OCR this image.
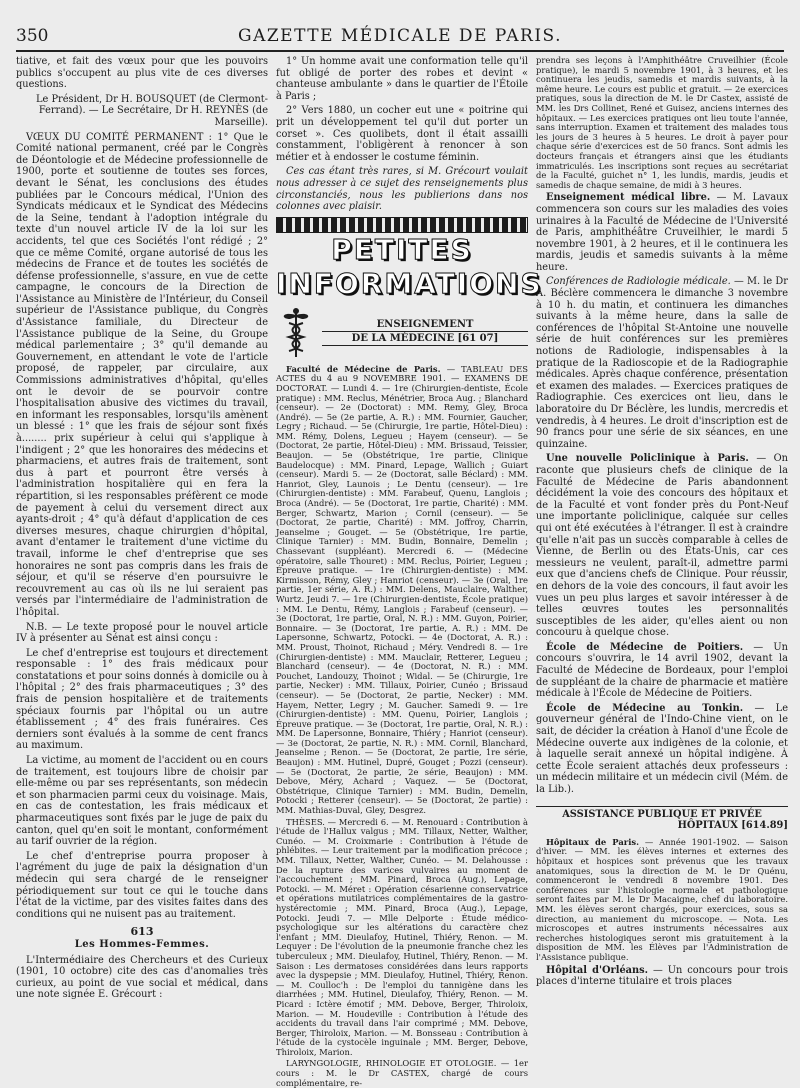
350	GAZETTE MÉDICALE DE PARIS.

tiative, et fait des vœux pour que les pouvoirs publics s'occupent au plus vite de ces diverses questions.

Le Président, Dr H. BOUSQUET (de Clermont-Ferrand). — Le Secrétaire, Dr H. REYNÈS (de Marseille).

VŒUX DU COMITÉ PERMANENT : 1° Que le Comité national permanent, créé par le Congrès de Déontologie et de Médecine professionnelle de 1900, porte et soutienne de toutes ses forces, devant le Sénat, les conclusions des études publiées par le Concours médical, l'Union des Syndicats médicaux et le Syndicat des Médecins de la Seine, tendant à l'adoption intégrale du texte d'un nouvel article IV de la loi sur les accidents, tel que ces Sociétés l'ont rédigé ; 2° que ce même Comité, organe autorisé de tous les médecins de France et de toutes les sociétés de défense professionnelle, s'assure, en vue de cette campagne, le concours de la Direction de l'Assistance au Ministère de l'Intérieur, du Conseil supérieur de l'Assistance publique, du Congrès d'Assistance familiale, du Directeur de l'Assistance publique de la Seine, du Groupe médical parlementaire ; 3° qu'il demande au Gouvernement, en attendant le vote de l'article proposé, de rappeler, par circulaire, aux Commissions administratives d'hôpital, qu'elles ont le devoir de se pourvoir contre l'hospitalisation abusive des victimes du travail, en informant les responsables, lorsqu'ils amènent un blessé : 1° que les frais de séjour sont fixés à........ prix supérieur à celui qui s'applique à l'indigent ; 2° que les honoraires des médecins et pharmaciens, et autres frais de traitement, sont dus à part et pourront être versés à l'administration hospitalière qui en fera la répartition, si les responsables préfèrent ce mode de payement à celui du versement direct aux ayants-droit ; 4° qu'à défaut d'application de ces diverses mesures, chaque chirurgien d'hôpital, avant d'entamer le traitement d'une victime du travail, informe le chef d'entreprise que ses honoraires ne sont pas compris dans les frais de séjour, et qu'il se réserve d'en poursuivre le recouvrement au cas où ils ne lui seraient pas versés par l'intermédiaire de l'administration de l'hôpital.

N.B. — Le texte proposé pour le nouvel article IV à présenter au Sénat est ainsi conçu :

Le chef d'entreprise est toujours et directement responsable : 1° des frais médicaux pour constatations et pour soins donnés à domicile ou à l'hôpital ; 2° des frais pharmaceutiques ; 3° des frais de pension hospitalière et de traitements spéciaux fournis par l'hôpital ou un autre établissement ; 4° des frais funéraires. Ces derniers sont évalués à la somme de cent francs au maximum.

La victime, au moment de l'accident ou en cours de traitement, est toujours libre de choisir par elle-même ou par ses représentants, son médecin et son pharmacien parmi ceux du voisinage. Mais, en cas de contestation, les frais médicaux et pharmaceutiques sont fixés par le juge de paix du canton, quel qu'en soit le montant, conformément au tarif ouvrier de la région.

Le chef d'entreprise pourra proposer à l'agrément du juge de paix la désignation d'un médecin qui sera chargé de le renseigner périodiquement sur tout ce qui le touche dans l'état de la victime, par des visites faites dans des conditions qui ne nuisent pas au traitement.

613
Les Hommes-Femmes.

L'Intermédiaire des Chercheurs et des Curieux (1901, 10 octobre) cite des cas d'anomalies très curieux, au point de vue social et médical, dans une note signée E. Grécourt :

1° Un homme avait une conformation telle qu'il fut obligé de porter des robes et devint « chanteuse ambulante » dans le quartier de l'Étoile à Paris ;

2° Vers 1880, un cocher eut une « poitrine qui prit un développement tel qu'il dut porter un corset ». Ces quolibets, dont il était assailli constamment, l'obligèrent à renoncer à son métier et à endosser le costume féminin.

Ces cas étant très rares, si M. Grécourt voulait nous adresser à ce sujet des renseignements plus circonstanciés, nous les publierions dans nos colonnes avec plaisir.

PETITES
INFORMATIONS
ENSEIGNEMENT
DE LA MÉDECINE [61 07]

Faculté de Médecine de Paris. — TABLEAU DES ACTES du 4 au 9 NOVEMBRE 1901. — EXAMENS DE DOCTORAT. — Lundi 4. — 1re (Chirurgien-dentiste, École pratique) : MM. Reclus, Ménétrier, Broca Aug. ; Blanchard (censeur). — 2e (Doctorat) : MM. Remy, Gley, Broca (André). — 5e (2e partie, A. R.) : MM. Fournier, Gaucher, Legry ; Richaud. — 5e (Chirurgie, 1re partie, Hôtel-Dieu) : MM. Rémy, Dolens, Legueu ; Hayem (censeur). — 5e (Doctorat, 2e partie, Hôtel-Dieu) : MM. Brissaud, Teissier, Beaujon. — 5e (Obstétrique, 1re partie, Clinique Baudelocque) : MM. Pinard, Lepage, Wallich ; Guiart (censeur). Mardi 5. — 2e (Doctorat, salle Béclard) : MM. Hanriot, Gley, Launois ; Le Dentu (censeur). — 1re (Chirurgien-dentiste) : MM. Farabeuf, Quenu, Langlois ; Broca (André). — 5e (Doctorat, 1re partie, Charité) : MM. Berger, Schwartz, Marion ; Cornil (censeur). — 5e (Doctorat, 2e partie, Charité) : MM. Joffroy, Charrin, Jeanselme ; Gouget. — 5e (Obstétrique, 1re partie, Clinique Tarnier) : MM. Budin, Bonnaire, Demelin ; Chassevant (suppléant). Mercredi 6. — (Médecine opératoire, salle Thouret) : MM. Reclus, Poirier, Legueu ; Épreuve pratique. — 1re (Chirurgien-dentiste) : MM. Kirmisson, Rémy, Gley ; Hanriot (censeur). — 3e (Oral, 1re partie, 1er série, A. R.) : MM. Delens, Mauclaire, Walther, Wurtz. Jeudi 7. — 1re (Chirurgien-dentiste, École pratique) : MM. Le Dentu, Rémy, Langlois ; Farabeuf (censeur). — 3e (Doctorat, 1re partie, Oral, N. R.) : MM. Guyon, Poirier, Bonnaire. — 3e (Doctorat, 1re partie, A. R.) : MM. De Lapersonne, Schwartz, Potocki. — 4e (Doctorat, A. R.) : MM. Proust, Thoinot, Richaud ; Méry. Vendredi 8. — 1re (Chirurgien-dentiste) : MM. Mauclair, Retterer, Legueu ; Blanchard (censeur). — 4e (Doctorat, N. R.) : MM. Pouchet, Landouzy, Thoinot ; Widal. — 5e (Chirurgie, 1re partie, Necker) : MM. Tillaux, Poirier, Cunéo ; Brissaud (censeur). — 5e (Doctorat, 2e partie, Necker) : MM. Hayem, Netter, Legry ; M. Gaucher. Samedi 9. — 1re (Chirurgien-dentiste) : MM. Quenu, Poirier, Langlois ; Épreuve pratique. — 3e (Doctorat, 1re partie, Oral, N. R.) : MM. De Lapersonne, Bonnaire, Thiéry ; Hanriot (censeur). — 3e (Doctorat, 2e partie, N. R.) : MM. Cornil, Blanchard, Jeanselme ; Renon. — 5e (Doctorat, 2e partie, 1re série, Beaujon) : MM. Hutinel, Dupré, Gouget ; Pozzi (censeur). — 5e (Doctorat, 2e partie, 2e série, Beaujon) : MM. Debove, Méry, Achard ; Vaquez. — 5e (Doctorat, Obstétrique, Clinique Tarnier) : MM. Budin, Demelin, Potocki ; Retterer (censeur). — 5e (Doctorat, 2e partie) : MM. Mathias-Duval, Gley, Desgrez.

THÈSES. — Mercredi 6. — M. Renouard : Contribution à l'étude de l'Hallux valgus ; MM. Tillaux, Netter, Walther, Cunéo. — M. Croixmarie : Contribution à l'étude de phlébites. — Leur traitement par la modification précoce ; MM. Tillaux, Netter, Walther, Cunéo. — M. Delahousse : De la rupture des varices vulvaires au moment de l'accouchement ; MM. Pinard, Broca (Aug.), Lepage, Potocki. — M. Méret : Opération césarienne conservatrice et opérations mutilatrices complémentaires de la gastro-hystérectomie ; MM. Pinard, Broca (Aug.), Lepage, Potocki. Jeudi 7. — Mlle Delporte : Étude médico-psychologique sur les altérations du caractère chez l'enfant ; MM. Dieulafoy, Hutinel, Thiéry, Renon. — M. Lequyer : De l'évolution de la pneumonie franche chez les tuberculeux ; MM. Dieulafoy, Hutinel, Thiéry, Renon. — M. Saison : Les dermatoses considérées dans leurs rapports avec la dyspepsie ; MM. Dieulafoy, Hutinel, Thiéry, Renon. — M. Coulloc'h : De l'emploi du tannigène dans les diarrhées ; MM. Hutinel, Dieulafoy, Thiéry, Renon. — M. Picard : Ictère émotif ; MM. Debove, Berger, Thiroloix, Marion. — M. Houdeville : Contribution à l'étude des accidents du travail dans l'air comprimé ; MM. Debove, Berger, Thiroloix, Marion. — M. Bonsseau : Contribution à l'étude de la cystocèle inguinale ; MM. Berger, Debove, Thiroloix, Marion.

LARYNGOLOGIE, RHINOLOGIE ET OTOLOGIE. — 1er cours : M. le Dr CASTEX, chargé de cours complémentaire, re-

prendra ses leçons à l'Amphithéâtre Cruveilhier (École pratique), le mardi 5 novembre 1901, à 3 heures, et les continuera les jeudis, samedis et mardis suivants, à la même heure. Le cours est public et gratuit. — 2e exercices pratiques, sous la direction de M. le Dr Castex, assisté de MM. les Drs Collinet, René et Guisez, anciens internes des hôpitaux. — Les exercices pratiques ont lieu toute l'année, sans interruption. Examen et traitement des malades tous les jours de 3 heures à 5 heures. Le droit à payer pour chaque série d'exercices est de 50 francs. Sont admis les docteurs français et étrangers ainsi que les étudiants immatriculés. Les inscriptions sont reçues au secrétariat de la Faculté, guichet n° 1, les lundis, mardis, jeudis et samedis de chaque semaine, de midi à 3 heures.

Enseignement médical libre. — M. Lavaux commencera son cours sur les maladies des voies urinaires à la Faculté de Médecine de l'Université de Paris, amphithéâtre Cruveilhier, le mardi 5 novembre 1901, à 2 heures, et il le continuera les mardis, jeudis et samedis suivants à la même heure.

Conférences de Radiologie médicale. — M. le Dr A. Béclère commencera le dimanche 3 novembre à 10 h. du matin, et continuera les dimanches suivants à la même heure, dans la salle de conférences de l'hôpital St-Antoine une nouvelle série de huit conférences sur les premières notions de Radiologie, indispensables à la pratique de la Radioscopie et de la Radiographie médicales. Après chaque conférence, présentation et examen des malades. — Exercices pratiques de Radiographie. Ces exercices ont lieu, dans le laboratoire du Dr Béclère, les lundis, mercredis et vendredis, à 4 heures. Le droit d'inscription est de 90 francs pour une série de six séances, en une quinzaine.

Une nouvelle Policlinique à Paris. — On raconte que plusieurs chefs de clinique de la Faculté de Médecine de Paris abandonnent décidément la voie des concours des hôpitaux et de la Faculté et vont fonder près du Pont-Neuf une importante policlinique, calquée sur celles qui ont été exécutées à l'étranger. Il est à craindre qu'elle n'ait pas un succès comparable à celles de Vienne, de Berlin ou des États-Unis, car ces messieurs ne veulent, paraît-il, admettre parmi eux que d'anciens chefs de Clinique. Pour réussir, en dehors de la voie des concours, il faut avoir les vues un peu plus larges et savoir intéresser à de telles œuvres toutes les personnalités susceptibles de les aider, qu'elles aient ou non concouru à quelque chose.

École de Médecine de Poitiers. — Un concours s'ouvrira, le 14 avril 1902, devant la Faculté de Médecine de Bordeaux, pour l'emploi de suppléant de la chaire de pharmacie et matière médicale à l'École de Médecine de Poitiers.

École de Médecine au Tonkin. — Le gouverneur général de l'Indo-Chine vient, on le sait, de décider la création à Hanoï d'une École de Médecine ouverte aux indigènes de la colonie, et à laquelle serait annexé un hôpital indigène. À cette École seraient attachés deux professeurs : un médecin militaire et un médecin civil (Mém. de la Lib.).

ASSISTANCE PUBLIQUE ET PRIVÉE
HÔPITAUX [614.89]

Hôpitaux de Paris. — Année 1901-1902. — Saison d'hiver. — MM. les élèves internes et externes des hôpitaux et hospices sont prévenus que les travaux anatomiques, sous la direction de M. le Dr Quénu, commenceront le vendredi 8 novembre 1901. Des conférences sur l'histologie normale et pathologique seront faites par M. le Dr Macaigne, chef du laboratoire. MM. les élèves seront chargés, pour exercices, sous sa direction, au maniement du microscope. — Nota. Les microscopes et autres instruments nécessaires aux recherches histologiques seront mis gratuitement à la disposition de MM. les Élèves par l'Administration de l'Assistance publique.

Hôpital d'Orléans. — Un concours pour trois places d'interne titulaire et trois places
